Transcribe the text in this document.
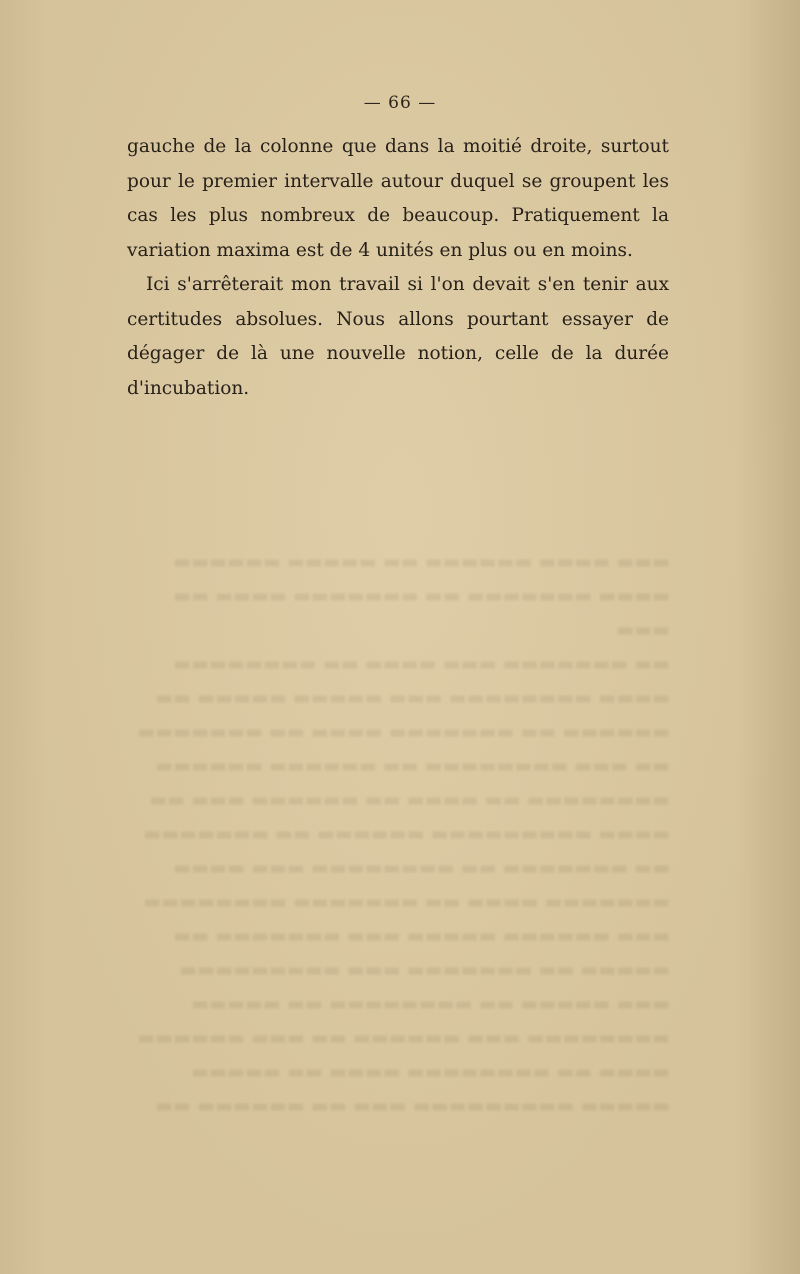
▬▬▬ ▬▬▬▬ ▬▬▬▬▬▬ ▬▬ ▬▬▬▬▬ ▬▬▬▬▬▬
▬▬▬▬ ▬▬▬▬▬▬▬ ▬▬ ▬▬▬▬▬▬▬ ▬▬▬▬ ▬▬ ▬▬▬
▬▬ ▬▬▬▬▬▬▬ ▬▬▬ ▬▬▬▬ ▬▬ ▬▬▬▬▬▬▬▬
▬▬▬▬ ▬▬▬▬▬▬▬▬ ▬▬▬ ▬▬▬▬▬ ▬▬▬▬▬ ▬▬
▬▬▬▬▬▬ ▬▬ ▬▬▬▬▬▬▬ ▬▬▬▬ ▬▬ ▬▬▬▬▬▬▬
▬▬ ▬▬▬ ▬▬▬▬▬▬▬▬ ▬▬ ▬▬▬▬▬▬ ▬▬▬▬▬▬
▬▬▬▬▬▬▬▬ ▬▬ ▬▬▬▬ ▬▬ ▬▬▬▬▬▬ ▬▬▬ ▬▬
▬▬▬▬ ▬▬▬▬▬▬▬▬▬ ▬▬▬▬▬▬ ▬▬ ▬▬▬▬▬▬▬
▬▬ ▬▬▬▬▬▬▬ ▬▬ ▬▬▬▬▬▬▬▬ ▬▬▬ ▬▬▬▬
▬▬▬▬▬▬▬ ▬▬▬▬ ▬▬ ▬▬▬▬▬▬▬ ▬▬▬▬▬▬▬▬
▬▬▬ ▬▬▬▬▬▬ ▬▬▬▬▬ ▬▬▬ ▬▬▬▬▬▬▬ ▬▬
▬▬▬▬▬ ▬▬ ▬▬▬▬▬▬▬ ▬▬▬ ▬▬▬▬▬▬▬▬▬
▬▬▬ ▬▬▬▬▬ ▬▬ ▬▬▬▬▬▬▬▬ ▬▬ ▬▬▬▬▬
▬▬▬▬▬▬▬▬ ▬▬▬ ▬▬▬▬▬▬ ▬▬ ▬▬▬ ▬▬▬▬▬▬
▬▬▬▬ ▬▬ ▬▬▬▬▬▬▬▬ ▬▬▬▬ ▬▬ ▬▬▬▬▬
▬▬▬▬▬ ▬▬▬▬▬▬▬▬▬ ▬▬▬ ▬▬ ▬▬▬▬▬▬ ▬▬
— 66 —

gauche de la colonne que dans la moitié droite, surtout pour le premier intervalle autour duquel se groupent les cas les plus nombreux de beaucoup. Pratiquement la variation maxima est de 4 unités en plus ou en moins.

Ici s'arrêterait mon travail si l'on devait s'en tenir aux certitudes absolues. Nous allons pourtant essayer de dégager de là une nouvelle notion, celle de la durée d'incubation.
